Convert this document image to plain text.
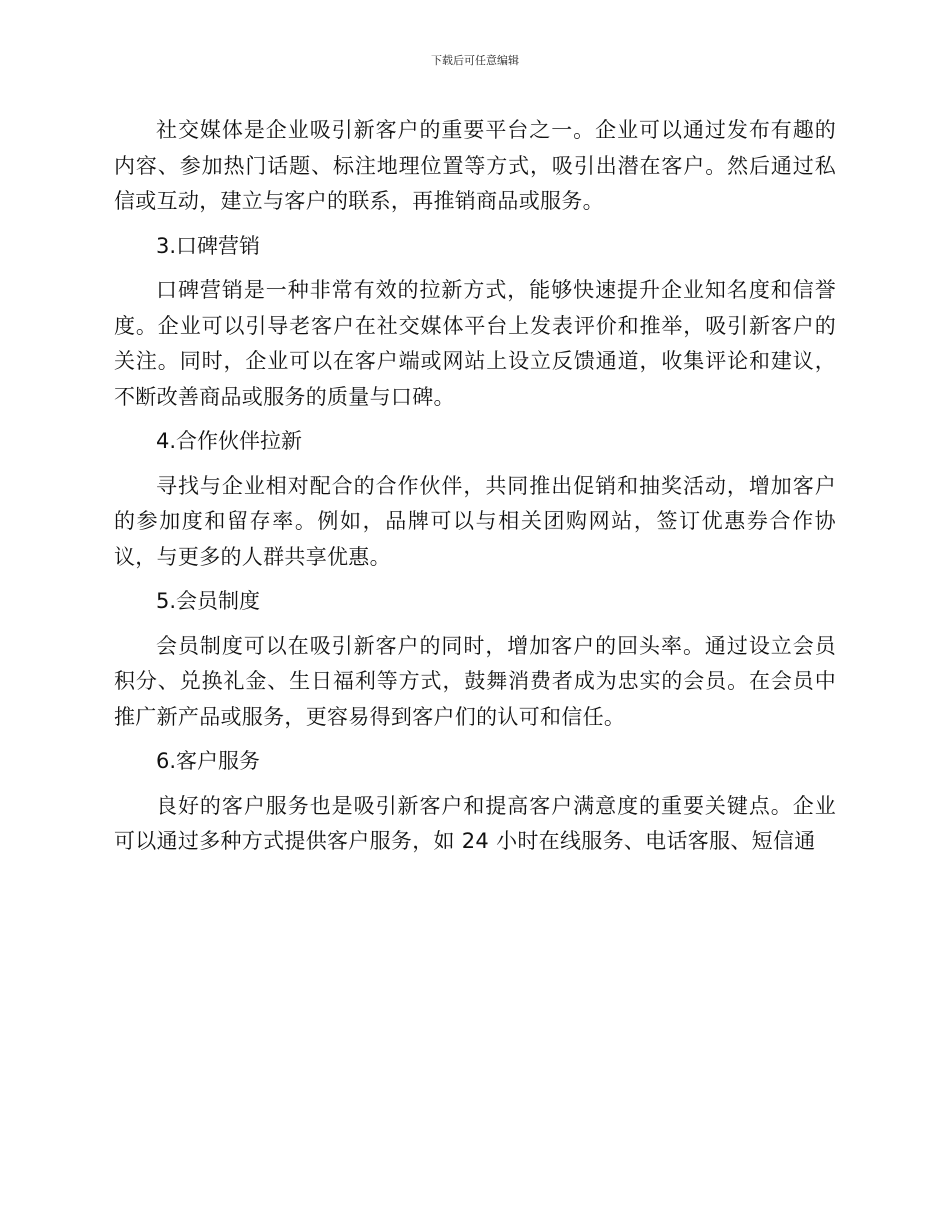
下载后可任意编辑

社交媒体是企业吸引新客户的重要平台之一。企业可以通过发布有趣的内容、参加热门话题、标注地理位置等方式，吸引出潜在客户。然后通过私信或互动，建立与客户的联系，再推销商品或服务。

3.口碑营销

口碑营销是一种非常有效的拉新方式，能够快速提升企业知名度和信誉度。企业可以引导老客户在社交媒体平台上发表评价和推举，吸引新客户的关注。同时，企业可以在客户端或网站上设立反馈通道，收集评论和建议，不断改善商品或服务的质量与口碑。

4.合作伙伴拉新

寻找与企业相对配合的合作伙伴，共同推出促销和抽奖活动，增加客户的参加度和留存率。例如，品牌可以与相关团购网站，签订优惠券合作协议，与更多的人群共享优惠。

5.会员制度

会员制度可以在吸引新客户的同时，增加客户的回头率。通过设立会员积分、兑换礼金、生日福利等方式，鼓舞消费者成为忠实的会员。在会员中推广新产品或服务，更容易得到客户们的认可和信任。

6.客户服务

良好的客户服务也是吸引新客户和提高客户满意度的重要关键点。企业可以通过多种方式提供客户服务，如 24 小时在线服务、电话客服、短信通
